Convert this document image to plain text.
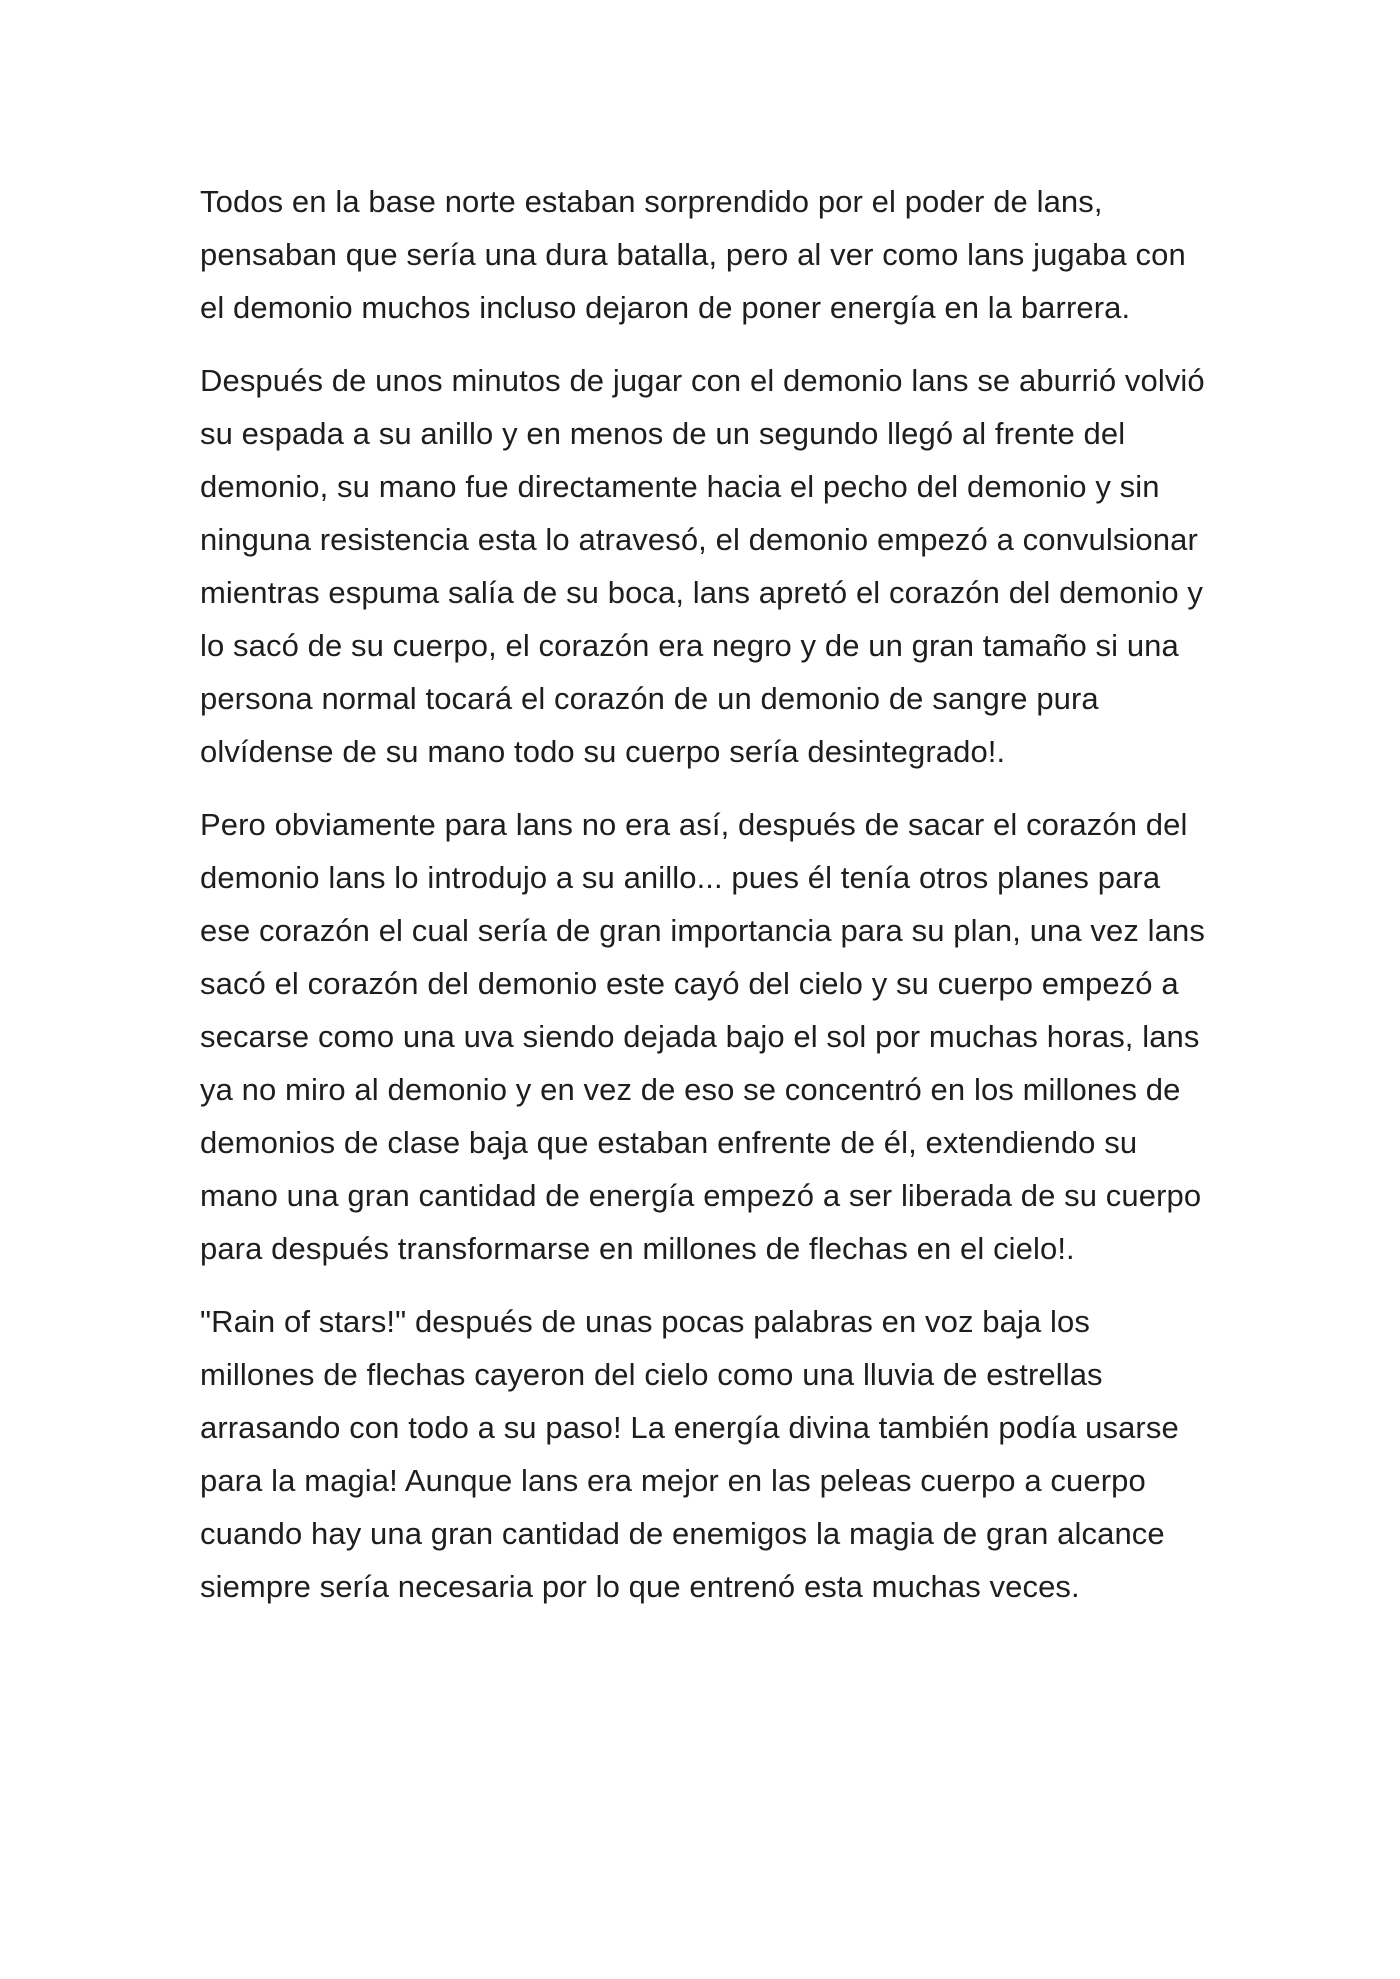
Todos en la base norte estaban sorprendido por el poder de lans, pensaban que sería una dura batalla, pero al ver como lans jugaba con el demonio muchos incluso dejaron de poner energía en la barrera.

Después de unos minutos de jugar con el demonio lans se aburrió volvió su espada a su anillo y en menos de un segundo llegó al frente del demonio, su mano fue directamente hacia el pecho del demonio y sin ninguna resistencia esta lo atravesó, el demonio empezó a convulsionar mientras espuma salía de su boca, lans apretó el corazón del demonio y lo sacó de su cuerpo, el corazón era negro y de un gran tamaño si una persona normal tocará el corazón de un demonio de sangre pura olvídense de su mano todo su cuerpo sería desintegrado!.

Pero obviamente para lans no era así, después de sacar el corazón del demonio lans lo introdujo a su anillo... pues él tenía otros planes para ese corazón el cual sería de gran importancia para su plan, una vez lans sacó el corazón del demonio este cayó del cielo y su cuerpo empezó a secarse como una uva siendo dejada bajo el sol por muchas horas, lans ya no miro al demonio y en vez de eso se concentró en los millones de demonios de clase baja que estaban enfrente de él, extendiendo su mano una gran cantidad de energía empezó a ser liberada de su cuerpo para después transformarse en millones de flechas en el cielo!.

"Rain of stars!" después de unas pocas palabras en voz baja los millones de flechas cayeron del cielo como una lluvia de estrellas arrasando con todo a su paso! La energía divina también podía usarse para la magia! Aunque lans era mejor en las peleas cuerpo a cuerpo cuando hay una gran cantidad de enemigos la magia de gran alcance siempre sería necesaria por lo que entrenó esta muchas veces.
